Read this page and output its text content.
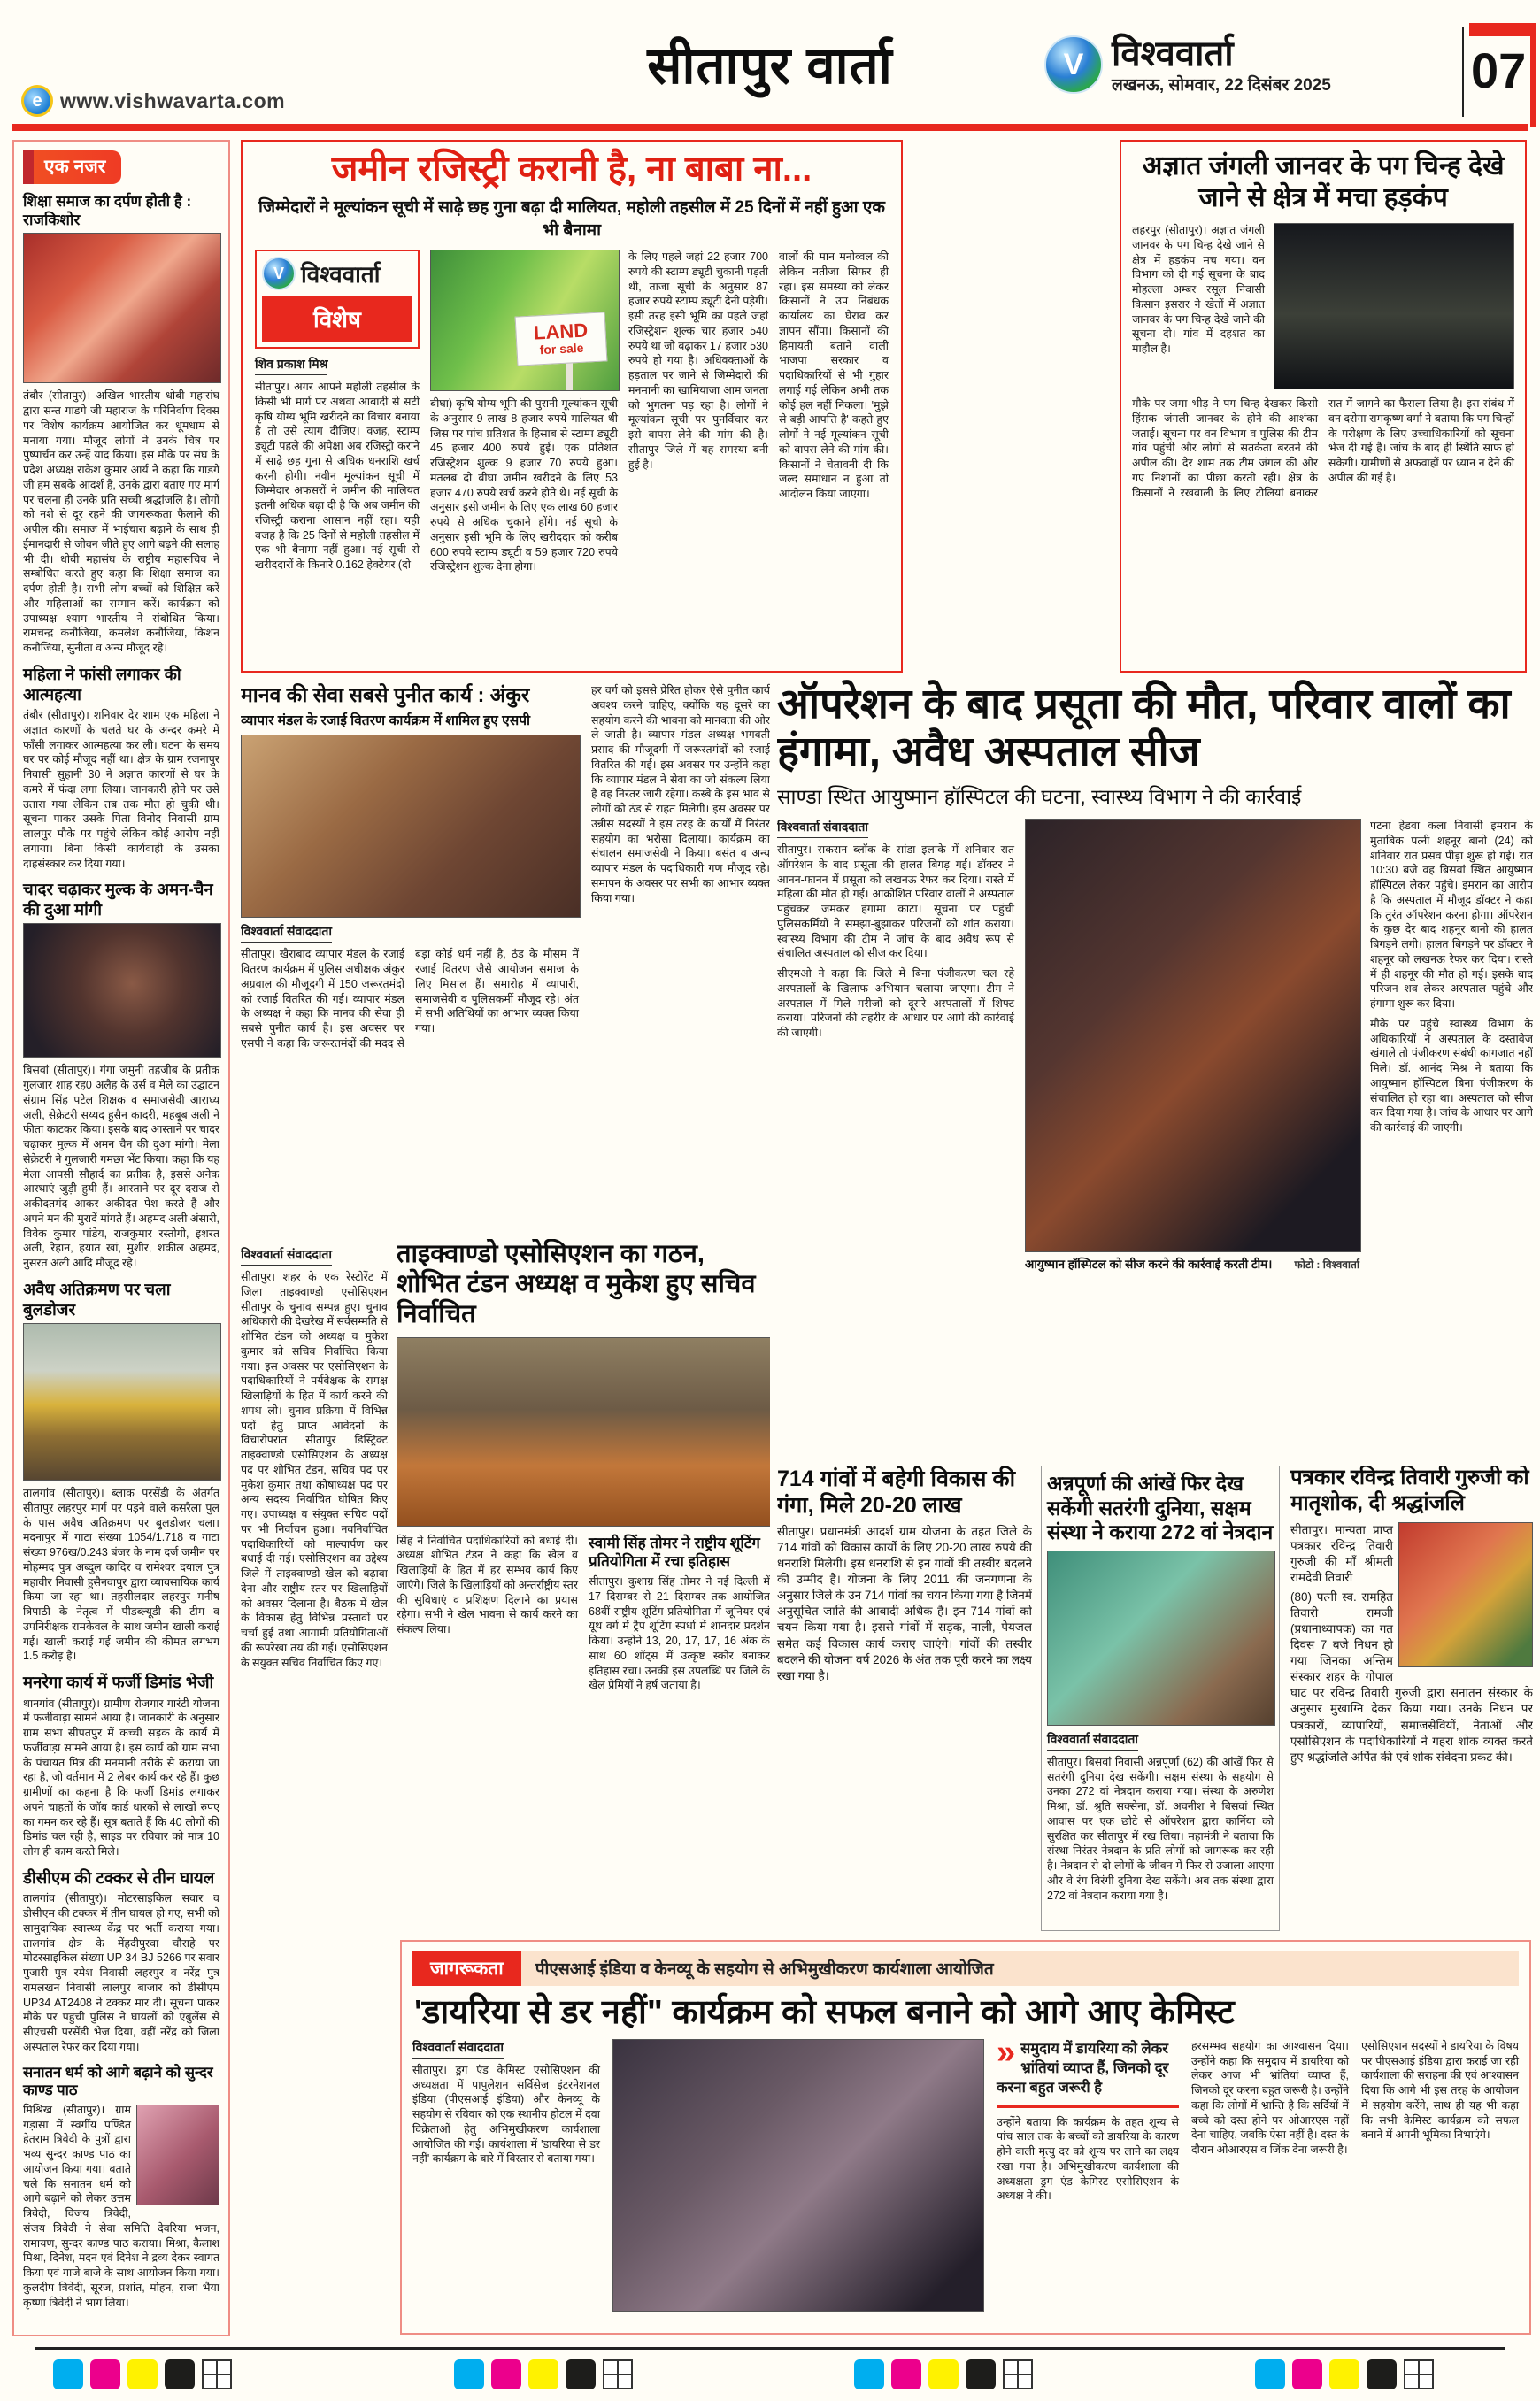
e www.vishwavarta.com
सीतापुर वार्ता	V विश्ववार्ता
लखनऊ, सोमवार, 22 दिसंबर 2025	07
एक नजर
शिक्षा समाज का दर्पण होती है : राजकिशोर
तंबौर (सीतापुर)। अखिल भारतीय धोबी महासंघ द्वारा सन्त गाडगे जी महाराज के परिनिर्वाण दिवस पर विशेष कार्यक्रम आयोजित कर धूमधाम से मनाया गया। मौजूद लोगों ने उनके चित्र पर पुष्पार्चन कर उन्हें याद किया। इस मौके पर संघ के प्रदेश अध्यक्ष राकेश कुमार आर्य ने कहा कि गाडगे जी हम सबके आदर्श हैं, उनके द्वारा बताए गए मार्ग पर चलना ही उनके प्रति सच्ची श्रद्धांजलि है। लोगों को नशे से दूर रहने की जागरूकता फैलाने की अपील की। समाज में भाईचारा बढ़ाने के साथ ही ईमानदारी से जीवन जीते हुए आगे बढ़ने की सलाह भी दी। धोबी महासंघ के राष्ट्रीय महासचिव ने सम्बोधित करते हुए कहा कि शिक्षा समाज का दर्पण होती है। सभी लोग बच्चों को शिक्षित करें और महिलाओं का सम्मान करें। कार्यक्रम को उपाध्यक्ष श्याम भारतीय ने संबोधित किया। रामचन्द्र कनौजिया, कमलेश कनौजिया, किशन कनौजिया, सुनीता व अन्य मौजूद रहे।
महिला ने फांसी लगाकर की आत्महत्या
तंबौर (सीतापुर)। शनिवार देर शाम एक महिला ने अज्ञात कारणों के चलते घर के अन्दर कमरे में फाँसी लगाकर आत्महत्या कर ली। घटना के समय घर पर कोई मौजूद नहीं था। क्षेत्र के ग्राम रजनापुर निवासी सुहानी 30 ने अज्ञात कारणों से घर के कमरे में फंदा लगा लिया। जानकारी होने पर उसे उतारा गया लेकिन तब तक मौत हो चुकी थी। सूचना पाकर उसके पिता विनोद निवासी ग्राम लालपुर मौके पर पहुंचे लेकिन कोई आरोप नहीं लगाया। बिना किसी कार्यवाही के उसका दाहसंस्कार कर दिया गया।
चादर चढ़ाकर मुल्क के अमन-चैन की दुआ मांगी
बिसवां (सीतापुर)। गंगा जमुनी तहजीब के प्रतीक गुलजार शाह रह0 अलैह के उर्स व मेले का उद्घाटन संग्राम सिंह पटेल शिक्षक व समाजसेवी आराध्य अली, सेक्रेटरी सय्यद हुसैन कादरी, महबूब अली ने फीता काटकर किया। इसके बाद आस्ताने पर चादर चढ़ाकर मुल्क में अमन चैन की दुआ मांगी। मेला सेक्रेटरी ने गुलजारी गमछा भेंट किया। कहा कि यह मेला आपसी सौहार्द का प्रतीक है, इससे अनेक आस्थाएं जुड़ी हुयी हैं। आस्ताने पर दूर दराज से अकीदतमंद आकर अकीदत पेश करते हैं और अपने मन की मुरादें मांगते हैं। अहमद अली अंसारी, विवेक कुमार पांडेय, राजकुमार रस्तोगी, इशरत अली, रेहान, हयात खां, मुशीर, शकील अहमद, नुसरत अली आदि मौजूद रहे।
अवैध अतिक्रमण पर चला बुलडोजर
तालगांव (सीतापुर)। ब्लाक परसेंडी के अंतर्गत सीतापुर लहरपुर मार्ग पर पड़ने वाले कसरैला पुल के पास अवैध अतिक्रमण पर बुलडोजर चला। मदनापुर में गाटा संख्या 1054/1.718 व गाटा संख्या 976ख/0.243 बंजर के नाम दर्ज जमीन पर मोहम्मद पुत्र अब्दुल कादिर व रामेश्वर दयाल पुत्र महावीर निवासी हुसैनवापुर द्वारा व्यावसायिक कार्य किया जा रहा था। तहसीलदार लहरपुर मनीष त्रिपाठी के नेतृत्व में पीडब्ल्यूडी की टीम व उपनिरीक्षक रामकेवल के साथ जमीन खाली कराई गई। खाली कराई गई जमीन की कीमत लगभग 1.5 करोड़ है।
मनरेगा कार्य में फर्जी डिमांड भेजी
थानगांव (सीतापुर)। ग्रामीण रोजगार गारंटी योजना में फर्जीवाड़ा सामने आया है। जानकारी के अनुसार ग्राम सभा सीपतपुर में कच्ची सड़क के कार्य में फर्जीवाड़ा सामने आया है। इस कार्य को ग्राम सभा के पंचायत मित्र की मनमानी तरीके से कराया जा रहा है, जो वर्तमान में 2 लेबर कार्य कर रहे हैं। कुछ ग्रामीणों का कहना है कि फर्जी डिमांड लगाकर अपने चाहतों के जॉब कार्ड धारकों से लाखों रुपए का गमन कर रहे हैं। सूत्र बताते हैं कि 40 लोगों की डिमांड चल रही है, साइड पर रविवार को मात्र 10 लोग ही काम करते मिले।
डीसीएम की टक्कर से तीन घायल
तालगांव (सीतापुर)। मोटरसाइकिल सवार व डीसीएम की टक्कर में तीन घायल हो गए, सभी को सामुदायिक स्वास्थ्य केंद्र पर भर्ती कराया गया। तालगांव क्षेत्र के मेंहदीपुरवा चौराहे पर मोटरसाइकिल संख्या UP 34 BJ 5266 पर सवार पुजारी पुत्र रमेश निवासी लहरपुर व नरेंद्र पुत्र रामलखन निवासी लालपुर बाजार को डीसीएम UP34 AT2408 ने टक्कर मार दी। सूचना पाकर मौके पर पहुंची पुलिस ने घायलों को एंबुलेंस से सीएचसी परसेंडी भेज दिया, वहीं नरेंद्र को जिला अस्पताल रेफर कर दिया गया।
सनातन धर्म को आगे बढ़ाने को सुन्दर काण्ड पाठ
मिश्रिख (सीतापुर)। ग्राम गड़ासा में स्वर्गीय पण्डित हेतराम त्रिवेदी के पुत्रों द्वारा भव्य सुन्दर काण्ड पाठ का आयोजन किया गया। बताते चले कि सनातन धर्म को आगे बढ़ाने को लेकर उत्तम त्रिवेदी, विजय त्रिवेदी, संजय त्रिवेदी ने सेवा समिति देवरिया भजन, रामायण, सुन्दर काण्ड पाठ कराया। मिश्रा, कैलाश मिश्रा, दिनेश, मदन एवं दिनेश ने द्रव्य देकर स्वागत किया एवं गाजे बाजे के साथ आयोजन किया गया। कुलदीप त्रिवेदी, सूरज, प्रशांत, मोहन, राजा भैया कृष्णा त्रिवेदी ने भाग लिया।
जमीन रजिस्ट्री करानी है, ना बाबा ना...
जिम्मेदारों ने मूल्यांकन सूची में साढ़े छह गुना बढ़ा दी मालियत, महोली तहसील में 25 दिनों में नहीं हुआ एक भी बैनामा
V विश्ववार्ता
विशेष
शिव प्रकाश मिश्र
सीतापुर। अगर आपने महोली तहसील के किसी भी मार्ग पर अथवा आबादी से सटी कृषि योग्य भूमि खरीदने का विचार बनाया है तो उसे त्याग दीजिए। वजह, स्टाम्प ड्यूटी पहले की अपेक्षा अब रजिस्ट्री कराने में साढ़े छह गुना से अधिक धनराशि खर्च करनी होगी। नवीन मूल्यांकन सूची में जिम्मेदार अफसरों ने जमीन की मालियत इतनी अधिक बढ़ा दी है कि अब जमीन की रजिस्ट्री कराना आसान नहीं रहा। यही वजह है कि 25 दिनों से महोली तहसील में एक भी बैनामा नहीं हुआ। नई सूची से खरीददारों के किनारे 0.162 हेक्टेयर (दो
LAND
for sale
बीघा) कृषि योग्य भूमि की पुरानी मूल्यांकन सूची के अनुसार 9 लाख 8 हजार रुपये मालियत थी जिस पर पांच प्रतिशत के हिसाब से स्टाम्प ड्यूटी 45 हजार 400 रुपये हुई। एक प्रतिशत रजिस्ट्रेशन शुल्क 9 हजार 70 रुपये हुआ। मतलब दो बीघा जमीन खरीदने के लिए 53 हजार 470 रुपये खर्च करने होते थे। नई सूची के अनुसार इसी जमीन के लिए एक लाख 60 हजार रुपये से अधिक चुकाने होंगे। नई सूची के अनुसार इसी भूमि के लिए खरीददार को करीब 600 रुपये स्टाम्प ड्यूटी व 59 हजार 720 रुपये रजिस्ट्रेशन शुल्क देना होगा।
के लिए पहले जहां 22 हजार 700 रुपये की स्टाम्प ड्यूटी चुकानी पड़ती थी, ताजा सूची के अनुसार 87 हजार रुपये स्टाम्प ड्यूटी देनी पड़ेगी। इसी तरह इसी भूमि का पहले जहां रजिस्ट्रेशन शुल्क चार हजार 540 रुपये था जो बढ़ाकर 17 हजार 530 रुपये हो गया है। अधिवक्ताओं के हड़ताल पर जाने से जिम्मेदारों की मनमानी का खामियाजा आम जनता को भुगतना पड़ रहा है। लोगों ने मूल्यांकन सूची पर पुनर्विचार कर इसे वापस लेने की मांग की है। सीतापुर जिले में यह समस्या बनी हुई है।
वालों की मान मनोव्वल की लेकिन नतीजा सिफर ही रहा। इस समस्या को लेकर किसानों ने उप निबंधक कार्यालय का घेराव कर ज्ञापन सौंपा। किसानों की हिमायती बताने वाली भाजपा सरकार व पदाधिकारियों से भी गुहार लगाई गई लेकिन अभी तक कोई हल नहीं निकला। 'मुझे से बड़ी आपत्ति है' कहते हुए लोगों ने नई मूल्यांकन सूची को वापस लेने की मांग की। किसानों ने चेतावनी दी कि जल्द समाधान न हुआ तो आंदोलन किया जाएगा।
अज्ञात जंगली जानवर के पग चिन्ह देखे जाने से क्षेत्र में मचा हड़कंप
लहरपुर (सीतापुर)। अज्ञात जंगली जानवर के पग चिन्ह देखे जाने से क्षेत्र में हड़कंप मच गया। वन विभाग को दी गई सूचना के बाद मोहल्ला अम्बर रसूल निवासी किसान इसरार ने खेतों में अज्ञात जानवर के पग चिन्ह देखे जाने की सूचना दी। गांव में दहशत का माहौल है।
मौके पर जमा भीड़ ने पग चिन्ह देखकर किसी हिंसक जंगली जानवर के होने की आशंका जताई। सूचना पर वन विभाग व पुलिस की टीम गांव पहुंची और लोगों से सतर्कता बरतने की अपील की। देर शाम तक टीम जंगल की ओर गए निशानों का पीछा करती रही। क्षेत्र के किसानों ने रखवाली के लिए टोलियां बनाकर रात में जागने का फैसला लिया है। इस संबंध में वन दरोगा रामकृष्ण वर्मा ने बताया कि पग चिन्हों के परीक्षण के लिए उच्चाधिकारियों को सूचना भेज दी गई है। जांच के बाद ही स्थिति साफ हो सकेगी। ग्रामीणों से अफवाहों पर ध्यान न देने की अपील की गई है।
मानव की सेवा सबसे पुनीत कार्य : अंकुर
व्यापार मंडल के रजाई वितरण कार्यक्रम में शामिल हुए एसपी
विश्ववार्ता संवाददाता
सीतापुर। खैराबाद व्यापार मंडल के रजाई वितरण कार्यक्रम में पुलिस अधीक्षक अंकुर अग्रवाल की मौजूदगी में 150 जरूरतमंदों को रजाई वितरित की गई। व्यापार मंडल के अध्यक्ष ने कहा कि मानव की सेवा ही सबसे पुनीत कार्य है। इस अवसर पर एसपी ने कहा कि जरूरतमंदों की मदद से बड़ा कोई धर्म नहीं है, ठंड के मौसम में रजाई वितरण जैसे आयोजन समाज के लिए मिसाल हैं। समारोह में व्यापारी, समाजसेवी व पुलिसकर्मी मौजूद रहे। अंत में सभी अतिथियों का आभार व्यक्त किया गया।
हर वर्ग को इससे प्रेरित होकर ऐसे पुनीत कार्य अवश्य करने चाहिए, क्योंकि यह दूसरे का सहयोग करने की भावना को मानवता की ओर ले जाती है। व्यापार मंडल अध्यक्ष भगवती प्रसाद की मौजूदगी में जरूरतमंदों को रजाई वितरित की गई। इस अवसर पर उन्होंने कहा कि व्यापार मंडल ने सेवा का जो संकल्प लिया है वह निरंतर जारी रहेगा। कस्बे के इस भाव से लोगों को ठंड से राहत मिलेगी। इस अवसर पर उन्नीस सदस्यों ने इस तरह के कार्यों में निरंतर सहयोग का भरोसा दिलाया। कार्यक्रम का संचालन समाजसेवी ने किया। बसंत व अन्य व्यापार मंडल के पदाधिकारी गण मौजूद रहे। समापन के अवसर पर सभी का आभार व्यक्त किया गया।
विश्ववार्ता संवाददाता
सीतापुर। शहर के एक रेस्टोरेंट में जिला ताइक्वाण्डो एसोसिएशन सीतापुर के चुनाव सम्पन्न हुए। चुनाव अधिकारी की देखरेख में सर्वसम्मति से शोभित टंडन को अध्यक्ष व मुकेश कुमार को सचिव निर्वाचित किया गया। इस अवसर पर एसोसिएशन के पदाधिकारियों ने पर्यवेक्षक के समक्ष खिलाड़ियों के हित में कार्य करने की शपथ ली। चुनाव प्रक्रिया में विभिन्न पदों हेतु प्राप्त आवेदनों के विचारोपरांत सीतापुर डिस्ट्रिक्ट ताइक्वाण्डो एसोसिएशन के अध्यक्ष पद पर शोभित टंडन, सचिव पद पर मुकेश कुमार तथा कोषाध्यक्ष पद पर अन्य सदस्य निर्वाचित घोषित किए गए। उपाध्यक्ष व संयुक्त सचिव पदों पर भी निर्वाचन हुआ। नवनिर्वाचित पदाधिकारियों को माल्यार्पण कर बधाई दी गई। एसोसिएशन का उद्देश्य जिले में ताइक्वाण्डो खेल को बढ़ावा देना और राष्ट्रीय स्तर पर खिलाड़ियों को अवसर दिलाना है। बैठक में खेल के विकास हेतु विभिन्न प्रस्तावों पर चर्चा हुई तथा आगामी प्रतियोगिताओं की रूपरेखा तय की गई। एसोसिएशन के संयुक्त सचिव निर्वाचित किए गए।
ताइक्वाण्डो एसोसिएशन का गठन, शोभित टंडन अध्यक्ष व मुकेश हुए सचिव निर्वाचित
सिंह ने निर्वाचित पदाधिकारियों को बधाई दी। अध्यक्ष शोभित टंडन ने कहा कि खेल व खिलाड़ियों के हित में हर सम्भव कार्य किए जाएंगे। जिले के खिलाड़ियों को अन्तर्राष्ट्रीय स्तर की सुविधाएं व प्रशिक्षण दिलाने का प्रयास रहेगा। सभी ने खेल भावना से कार्य करने का संकल्प लिया।
स्वामी सिंह तोमर ने राष्ट्रीय शूटिंग प्रतियोगिता में रचा इतिहास
सीतापुर। कुशाग्र सिंह तोमर ने नई दिल्ली में 17 दिसम्बर से 21 दिसम्बर तक आयोजित 68वीं राष्ट्रीय शूटिंग प्रतियोगिता में जूनियर एवं यूथ वर्ग में ट्रैप शूटिंग स्पर्धा में शानदार प्रदर्शन किया। उन्होंने 13, 20, 17, 17, 16 अंक के साथ 60 शॉट्स में उत्कृष्ट स्कोर बनाकर इतिहास रचा। उनकी इस उपलब्धि पर जिले के खेल प्रेमियों ने हर्ष जताया है।
ऑपरेशन के बाद प्रसूता की मौत, परिवार वालों का हंगामा, अवैध अस्पताल सीज
साण्डा स्थित आयुष्मान हॉस्पिटल की घटना, स्वास्थ्य विभाग ने की कार्रवाई
विश्ववार्ता संवाददाता
सीतापुर। सकरान ब्लॉक के सांडा इलाके में शनिवार रात ऑपरेशन के बाद प्रसूता की हालत बिगड़ गई। डॉक्टर ने आनन-फानन में प्रसूता को लखनऊ रेफर कर दिया। रास्ते में महिला की मौत हो गई। आक्रोशित परिवार वालों ने अस्पताल पहुंचकर जमकर हंगामा काटा। सूचना पर पहुंची पुलिसकर्मियों ने समझा-बुझाकर परिजनों को शांत कराया। स्वास्थ्य विभाग की टीम ने जांच के बाद अवैध रूप से संचालित अस्पताल को सीज कर दिया।
सीएमओ ने कहा कि जिले में बिना पंजीकरण चल रहे अस्पतालों के खिलाफ अभियान चलाया जाएगा। टीम ने अस्पताल में मिले मरीजों को दूसरे अस्पतालों में शिफ्ट कराया। परिजनों की तहरीर के आधार पर आगे की कार्रवाई की जाएगी।
आयुष्मान हॉस्पिटल को सीज करने की कार्रवाई करती टीम। फोटो : विश्ववार्ता
पटना हेडवा कला निवासी इमरान के मुताबिक पत्नी शहनूर बानो (24) को शनिवार रात प्रसव पीड़ा शुरू हो गई। रात 10:30 बजे वह बिसवां स्थित आयुष्मान हॉस्पिटल लेकर पहुंचे। इमरान का आरोप है कि अस्पताल में मौजूद डॉक्टर ने कहा कि तुरंत ऑपरेशन करना होगा। ऑपरेशन के कुछ देर बाद शहनूर बानो की हालत बिगड़ने लगी। हालत बिगड़ने पर डॉक्टर ने शहनूर को लखनऊ रेफर कर दिया। रास्ते में ही शहनूर की मौत हो गई। इसके बाद परिजन शव लेकर अस्पताल पहुंचे और हंगामा शुरू कर दिया।
मौके पर पहुंचे स्वास्थ्य विभाग के अधिकारियों ने अस्पताल के दस्तावेज खंगाले तो पंजीकरण संबंधी कागजात नहीं मिले। डॉ. आनंद मिश्र ने बताया कि आयुष्मान हॉस्पिटल बिना पंजीकरण के संचालित हो रहा था। अस्पताल को सीज कर दिया गया है। जांच के आधार पर आगे की कार्रवाई की जाएगी।
714 गांवों में बहेगी विकास की गंगा, मिले 20-20 लाख
सीतापुर। प्रधानमंत्री आदर्श ग्राम योजना के तहत जिले के 714 गांवों को विकास कार्यों के लिए 20-20 लाख रुपये की धनराशि मिलेगी। इस धनराशि से इन गांवों की तस्वीर बदलने की उम्मीद है। योजना के लिए 2011 की जनगणना के अनुसार जिले के उन 714 गांवों का चयन किया गया है जिनमें अनुसूचित जाति की आबादी अधिक है। इन 714 गांवों को चयन किया गया है। इससे गांवों में सड़क, नाली, पेयजल समेत कई विकास कार्य कराए जाएंगे। गांवों की तस्वीर बदलने की योजना वर्ष 2026 के अंत तक पूरी करने का लक्ष्य रखा गया है।
अन्नपूर्णा की आंखें फिर देख सकेंगी सतरंगी दुनिया, सक्षम संस्था ने कराया 272 वां नेत्रदान
विश्ववार्ता संवाददाता
सीतापुर। बिसवां निवासी अन्नपूर्णा (62) की आंखें फिर से सतरंगी दुनिया देख सकेंगी। सक्षम संस्था के सहयोग से उनका 272 वां नेत्रदान कराया गया। संस्था के अरुणेश मिश्रा, डॉ. श्रुति सक्सेना, डॉ. अवनीश ने बिसवां स्थित आवास पर एक छोटे से ऑपरेशन द्वारा कार्निया को सुरक्षित कर सीतापुर में रख लिया। महामंत्री ने बताया कि संस्था निरंतर नेत्रदान के प्रति लोगों को जागरूक कर रही है। नेत्रदान से दो लोगों के जीवन में फिर से उजाला आएगा और वे रंग बिरंगी दुनिया देख सकेंगे। अब तक संस्था द्वारा 272 वां नेत्रदान कराया गया है।
पत्रकार रविन्द्र तिवारी गुरुजी को मातृशोक, दी श्रद्धांजलि
सीतापुर। मान्यता प्राप्त पत्रकार रविन्द्र तिवारी गुरुजी की माँ श्रीमती रामदेवी तिवारी
(80) पत्नी स्व. रामहित तिवारी रामजी (प्रधानाध्यापक) का गत दिवस 7 बजे निधन हो गया जिनका अन्तिम संस्कार शहर के गोपाल घाट पर रविन्द्र तिवारी गुरुजी द्वारा सनातन संस्कार के अनुसार मुखाग्नि देकर किया गया। उनके निधन पर पत्रकारों, व्यापारियों, समाजसेवियों, नेताओं और एसोसिएशन के पदाधिकारियों ने गहरा शोक व्यक्त करते हुए श्रद्धांजलि अर्पित की एवं शोक संवेदना प्रकट की।
जागरूकता	पीएसआई इंडिया व केनव्यू के सहयोग से अभिमुखीकरण कार्यशाला आयोजित
'डायरिया से डर नहीं" कार्यक्रम को सफल बनाने को आगे आए केमिस्ट
विश्ववार्ता संवाददाता
सीतापुर। ड्रग एंड केमिस्ट एसोसिएशन की अध्यक्षता में पापुलेशन सर्विसेज इंटरनेशनल इंडिया (पीएसआई इंडिया) और केनव्यू के सहयोग से रविवार को एक स्थानीय होटल में दवा विक्रेताओं हेतु अभिमुखीकरण कार्यशाला आयोजित की गई। कार्यशाला में 'डायरिया से डर नहीं' कार्यक्रम के बारे में विस्तार से बताया गया।
» समुदाय में डायरिया को लेकर भ्रांतियां व्याप्त हैं, जिनको दूर करना बहुत जरूरी है
उन्होंने बताया कि कार्यक्रम के तहत शून्य से पांच साल तक के बच्चों को डायरिया के कारण होने वाली मृत्यु दर को शून्य पर लाने का लक्ष्य रखा गया है। अभिमुखीकरण कार्यशाला की अध्यक्षता ड्रग एंड केमिस्ट एसोसिएशन के अध्यक्ष ने की।
हरसम्भव सहयोग का आश्वासन दिया। उन्होंने कहा कि समुदाय में डायरिया को लेकर आज भी भ्रांतियां व्याप्त हैं, जिनको दूर करना बहुत जरूरी है। उन्होंने कहा कि लोगों में भ्रान्ति है कि सर्दियों में बच्चे को दस्त होने पर ओआरएस नहीं देना चाहिए, जबकि ऐसा नहीं है। दस्त के दौरान ओआरएस व जिंक देना जरूरी है।
एसोसिएशन सदस्यों ने डायरिया के विषय पर पीएसआई इंडिया द्वारा कराई जा रही कार्यशाला की सराहना की एवं आश्वासन दिया कि आगे भी इस तरह के आयोजन में सहयोग करेंगे, साथ ही यह भी कहा कि सभी केमिस्ट कार्यक्रम को सफल बनाने में अपनी भूमिका निभाएंगे।
